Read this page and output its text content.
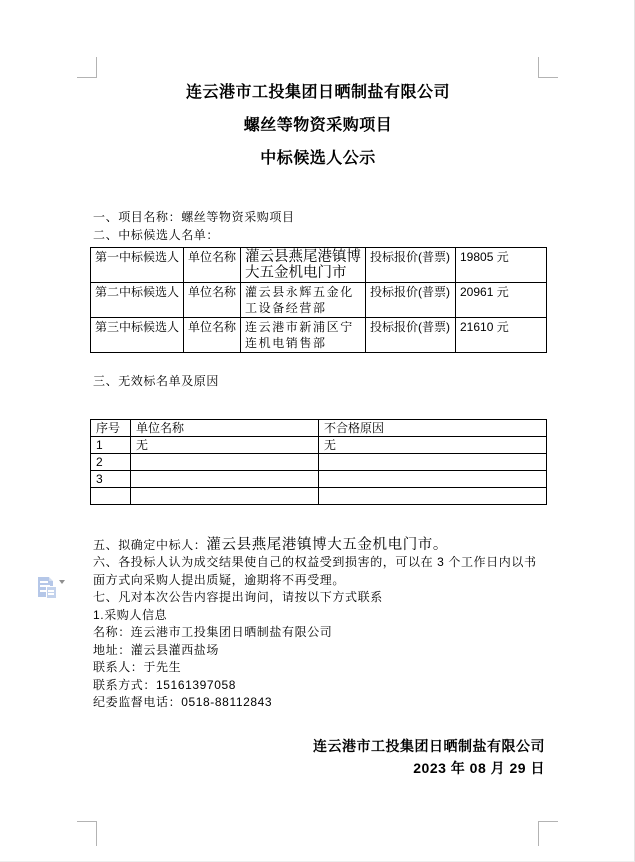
连云港市工投集团日晒制盐有限公司
螺丝等物资采购项目
中标候选人公示
一、项目名称：螺丝等物资采购项目
二、中标候选人名单：
第一中标候选人	单位名称	灌云县燕尾港镇博大五金机电门市	投标报价(普票)	19805 元
第二中标候选人	单位名称	灌云县永辉五金化工设备经营部	投标报价(普票)	20961 元
第三中标候选人	单位名称	连云港市新浦区宁连机电销售部	投标报价(普票)	21610 元
三、无效标名单及原因
序号	单位名称	不合格原因
1	无	无
2		
3		

五、拟确定中标人：灌云县燕尾港镇博大五金机电门市。
六、各投标人认为成交结果使自己的权益受到损害的，可以在 3 个工作日内以书面方式向采购人提出质疑，逾期将不再受理。
七、凡对本次公告内容提出询问，请按以下方式联系
1.采购人信息
名称：连云港市工投集团日晒制盐有限公司
地址：灌云县灌西盐场
联系人：于先生
联系方式：15161397058
纪委监督电话：0518-88112843
连云港市工投集团日晒制盐有限公司
2023 年 08 月 29 日
